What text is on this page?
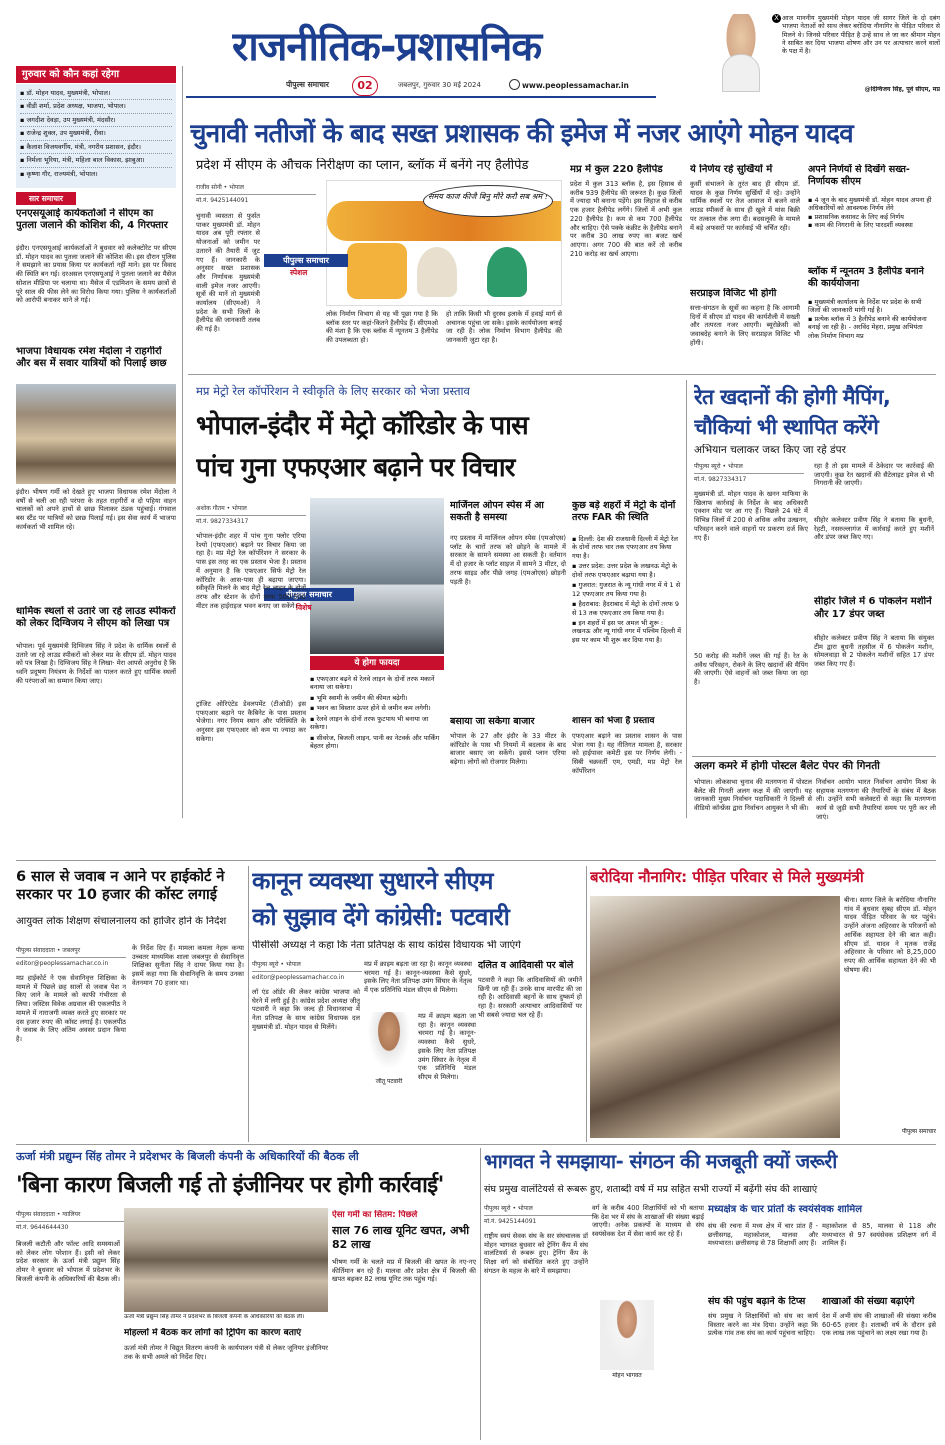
राजनीतिक-प्रशासनिक
पीपुल्स समाचार	02	जबलपुर, गुरुवार 30 मई 2024	www.peoplessamachar.in
X आज माननीय मुख्यमंत्री मोहन यादव जी सागर जिले के दो दबंग भाजपा नेताओं को साथ लेकर बरोदिया नौनागिर के पीड़ित परिवार से मिलने थे। जिनसे परिवार पीड़ित है उन्हें साथ ले जा कर श्रीमान मोहन ने साबित कर दिया भाजपा शोषण और उन पर अत्याचार करने वालों के पक्ष में है।
@दिग्विजय सिंह, पूर्व सीएम, मप्र
गुरुवार को कौन कहां रहेगा
▪ डॉ. मोहन यादव, मुख्यमंत्री, भोपाल।
▪ वीडी शर्मा, प्रदेश अध्यक्ष, भाजपा, भोपाल।
▪ जगदीश देवड़ा, उप मुख्यमंत्री, मंदसौर।
▪ राजेन्द्र शुक्ल, उप मुख्यमंत्री, रीवा।
▪ कैलाश विजयवर्गीय, मंत्री, नगरीय प्रशासन, इंदौर।
▪ निर्मला भूरिया, मंत्री, महिला बाल विकास, झाबुआ।
▪ कृष्णा गौर, राज्यमंत्री, भोपाल।
सार समाचार
एनएसयूआई कार्यकर्ताओं ने सीएम का पुतला जलाने की कोशिश की, 4 गिरफ्तार
इंदौर। एनएसयूआई कार्यकर्ताओं ने बुधवार को कलेक्टोरेट पर सीएम डॉ. मोहन यादव का पुतला जलाने की कोशिश की। इस दौरान पुलिस ने समझाने का प्रयास किया पर कार्यकर्ता नहीं माने। इस पर विवाद की स्थिति बन गई। दरअसल एनएसयूआई ने पुतला जलाने का मैसेज सोशल मीडिया पर चलाया था। मैसेज में एडमिशन के समय छात्रों से पूरे साल की फीस लेने का विरोध किया गया। पुलिस ने कार्यकर्ताओं को आरोपी बनाकर थाने ले गई।
भाजपा विधायक रमेश मेंदोला ने राहगीरों और बस में सवार यात्रियों को पिलाई छाछ
इंदौर। भीषण गर्मी को देखते हुए भाजपा विधायक रमेश मेंदोला ने वर्षों से चली आ रही परंपरा के तहत राहगीरों व दो पहिया वाहन चालकों को अपने हाथों से छाछ पिलाकर ठंडक पहुंचाई। गंगवाल बस स्टैंड पर यात्रियों को छाछ पिलाई गई। इस सेवा कार्य में भाजपा कार्यकर्ता भी शामिल रहे।
धार्मिक स्थलों से उतारे जा रहे लाउड स्पीकरों को लेकर दिग्विजय ने सीएम को लिखा पत्र
भोपाल। पूर्व मुख्यमंत्री दिग्विजय सिंह ने प्रदेश के धार्मिक स्थलों से उतारे जा रहे लाउड स्पीकरों को लेकर मप्र के सीएम डॉ. मोहन यादव को पत्र लिखा है। दिग्विजय सिंह ने लिखा- मेरा आपसे अनुरोध है कि ध्वनि प्रदूषण नियंत्रण के निर्देशों का पालन करते हुए धार्मिक स्थलों की परंपराओं का सम्मान किया जाए।
चुनावी नतीजों के बाद सख्त प्रशासक की इमेज में नजर आएंगे मोहन यादव
प्रदेश में सीएम के औचक निरीक्षण का प्लान, ब्लॉक में बनेंगे नए हैलीपेड
राजीव सोनी • भोपाल
मो.नं. 9425144091	समय काज कीजै बिनु मौरे करौ सब श्रम !
पीपुल्स समाचार
स्पेशल
चुनावी व्यस्तता से फुर्सत पाकर मुख्यमंत्री डॉ. मोहन यादव अब पूरी रफ्तार से योजनाओं को जमीन पर उतारने की तैयारी में जुट गए हैं। जानकारी के अनुसार सख्त प्रशासक और निर्णायक मुख्यमंत्री वाली इमेज नजर आएगी। सूत्रों की मानें तो मुख्यमंत्री कार्यालय (सीएमओ) ने प्रदेश के सभी जिलों के हैलीपेड की जानकारी तलब की गई है।
लोक निर्माण विभाग से यह भी पूछा गया है कि ब्लॉक स्तर पर कहां-कितने हैलीपेड हैं। सीएमओ की मंशा है कि एक ब्लॉक में न्यूनतम 3 हैलीपेड की उपलब्धता हो।
हो ताकि किसी भी दुरस्थ इलाके में हवाई मार्ग से अचानक पहुंचा जा सके। इसके कार्ययोजना बनाई जा रही है। लोक निर्माण विभाग हैलीपेड की जानकारी जुटा रहा है।
मप्र में कुल 220 हैलीपेड
प्रदेश में कुल 313 ब्लॉक है, इस हिसाब से करीब 939 हैलीपेड की जरूरत है। कुछ जिलों में ज्यादा भी बनाना पड़ेंगे। इस लिहाज से करीब एक हजार हैलीपेड लगेंगे। जिलों में अभी कुल 220 हैलीपेड है। कम से कम 700 हैलीपेड और चाहिए। ऐसे पक्के कंक्रीट के हैलीपेड बनाने पर करीब 30 लाख रुपए का बजट खर्च आएगा। अगर 700 की बात करें तो करीब 210 करोड़ का खर्च आएगा।
ये निर्णय रहे सुर्खियों में
कुर्सी संभालने के तुरंत बाद ही सीएम डॉ. यादव के कुछ निर्णय सुर्खियों में रहे। उन्होंने धार्मिक स्थलों पर तेज आवाज में बजने वाले लाउड स्पीकरों के साथ ही खुले में मांस बिक्री पर तत्काल रोक लगा दी। बदसलूकी के मामले में बड़े अफसरों पर कार्रवाई भी चर्चित रही।
सरप्राइज विजिट भी होगी
सत्ता-संगठन के सूत्रों का कहना है कि आगामी दिनों में सीएम डॉ यादव की कार्यशैली में सख्ती और तत्परता नजर आएगी। ब्यूरोक्रेसी को जवाबदेह बनाने के लिए सरप्राइज विजिट भी होंगी।
अपने निर्णयों से दिखेंगे सख्त-निर्णायक सीएम
▪ 4 जून के बाद मुख्यमंत्री डॉ. मोहन यादव अपना ही अधिकारियों को आवश्यक निर्णय लेंगे
▪ प्रशासनिक कसावट के लिए कई निर्णय
▪ काम की निगरानी के लिए पारदर्शी व्यवस्था
ब्लॉक में न्यूनतम 3 हैलीपेड बनाने की कार्ययोजना
▪ मुख्यमंत्री कार्यालय के निर्देश पर प्रदेश के सभी जिलों की जानकारी मांगी गई है।
▪ प्रत्येक ब्लॉक में 3 हैलीपेड बनाने की कार्ययोजना बनाई जा रही है। - अरविंद मेहरा, प्रमुख अभियंता लोक निर्माण विभाग मप्र
मप्र मेट्रो रेल कॉर्पोरेशन ने स्वीकृति के लिए सरकार को भेजा प्रस्ताव
भोपाल-इंदौर में मेट्रो कॉरिडोर के पास
पांच गुना एफएआर बढ़ाने पर विचार
अशोक गौतम • भोपाल
मो.नं. 9827334317
पीपुल्स समाचार
विशेष
भोपाल-इंदौर शहर में पांच गुना फ्लोर एरिया रेश्यो (एफएआर) बढ़ाने पर विचार किया जा रहा है। मप्र मेट्रो रेल कॉर्पोरेशन ने सरकार के पास इस तरह का एक प्रस्ताव भेजा है। प्रस्ताव में अनुमान है कि एफएआर सिर्फ मेट्रो रेल कॉरिडोर के आस-पास ही बढ़ाया जाएगा। स्वीकृति मिलने के बाद मेट्रो रेल लाइन के दोनों तरफ और स्टेशन के दोनों तरफ 500-500 मीटर तक हाईराइज भवन बनाए जा सकेंगे।
ट्रांजिट ओरिएंटेड डेवलपमेंट (टीओडी) इस एफएआर बढ़ाने पर कैबिनेट के पास प्रस्ताव भेजेगा। नगर निगम स्थान और परिस्थिति के अनुसार इस एफएआर को कम या ज्यादा कर सकेगा।
ये होगा फायदा
▪ एफएआर बढ़ने से रेलवे लाइन के दोनों तरफ मकानें बनाया जा सकेगा।
▪ भूमि स्वामी के जमीन की कीमत बढ़ेगी।
▪ भवन का विस्तार ऊपर होने से जमीन कम लगेगी।
▪ रेलवे लाइन के दोनों तरफ फुटपाथ भी बनाया जा सकेगा।
▪ सीवरेज, बिजली लाइन, पानी का नेटवर्क और पार्किंग बेहतर होगा।
मार्जिनल ओपन स्पेस में आ सकती है समस्या
नए प्रस्ताव में मार्जिनल ओपन स्पेस (एमओएस) प्लॉट के चारों तरफ को छोड़ने के मामले में सरकार के सामने समस्या आ सकती है। वर्तमान में दो हजार के प्लॉट साइज में सामने 3 मीटर, दो तरफ साइड और पीछे जगह (एमओएस) छोड़नी पड़ती है।
बसाया जा सकेगा बाजार
भोपाल के 27 और इंदौर के 33 मीटर के कॉरिडोर के पास भी नियमों में बदलाव के बाद बाजार बसाए जा सकेंगे। इससे प्लान एरिया बढ़ेगा। लोगों को रोजगार मिलेगा।
कुछ बड़े शहरों में मेट्रो के दोनों तरफ FAR की स्थिति
▪ दिल्ली: देश की राजधानी दिल्ली में मेट्रो रेल के दोनों तरफ चार तक एफएआर तय किया गया है।
▪ उत्तर प्रदेश: उत्तर प्रदेश के लखनऊ मेट्रो के दोनों तरफ एफएआर बढ़ाया गया है।
▪ गुजरात: गुजरात के न्यू गांधी नगर में ये 1 से 12 एफएआर तय किया गया है।
▪ हैदराबाद: हैदराबाद में मेट्रो के दोनों तरफ 9 से 13 तक एफएआर तय किया गया है।
▪ इन शहरों में इस पर अमल भी शुरू : लखनऊ और न्यू गांधी नगर में पश्चिम दिल्ली में इस पर काम भी शुरू कर दिया गया है।
शासन को भेजा है प्रस्ताव
एफएआर बढ़ाने का प्रस्ताव शासन के पास भेजा गया है। यह नीतिगत मामला है, सरकार को हाईपावर कमेटी इस पर निर्णय लेगी। - सिबी चक्रवर्ती एम, एमडी, मप्र मेट्रो रेल कॉर्पोरेशन
रेत खदानों की होगी मैपिंग,
चौकियां भी स्थापित करेंगे
अभियान चलाकर जब्त किए जा रहे डंपर
पीपुल्स ब्यूरो • भोपाल
मो.नं. 9827334317
रहा है तो इस मामले में ठेकेदार पर कार्रवाई की जाएगी। कुछ रेत खदानों की सैटेलाइट इमेज से भी निगरानी की जाएगी।
मुख्यमंत्री डॉ. मोहन यादव के खनन माफिया के खिलाफ कार्रवाई के निर्देश के बाद अधिकारी एक्शन मोड पर आ गए हैं। पिछले 24 घंटे में विभिन्न जिलों में 200 से अधिक अवैध उत्खनन, परिवहन करने वाले वाहनों पर प्रकरण दर्ज किए गए हैं।
50 करोड़ की मशीनें जब्त की गई हैं। रेत के अवैध परिवहन, रोकने के लिए खदानों की मैपिंग की जाएगी। ऐसे वाहनों को जब्त किया जा रहा है।
सीहोर कलेक्टर प्रवीण सिंह ने बताया कि बुधनी, रेहटी, नसरुल्लागंज में कार्रवाई करते हुए मशीनें और डंपर जब्त किए गए।
सीहोर जिले में 6 पोकलेन मशीनें और 17 डंपर जब्त
सीहोर कलेक्टर प्रवीण सिंह ने बताया कि संयुक्त टीम द्वारा बुधनी तहसील में 6 पोकलेन मशीन, सोमलवाड़ा से 2 पोकलेन मशीनों सहित 17 डंपर जब्त किए गए हैं।
अलग कमरे में होगी पोस्टल बैलेट पेपर की गिनती
भोपाल। लोकसभा चुनाव की मतगणना में पोस्टल बैलेट की गिनती अलग कक्ष में की जाएगी। यह जानकारी मुख्य निर्वाचन पदाधिकारी ने दिल्ली से वीडियो कॉन्फ्रेंस द्वारा निर्वाचन आयुक्त ने भी की।
निर्वाचन आयोग भारत निर्वाचन आयोग मिश्रा के सहायक मतगणना की तैयारियों के संबंध में बैठक ली। उन्होंने सभी कलेक्टरों से कहा कि मतगणना कार्य से जुड़ी सभी तैयारियां समय पर पूरी कर ली जाएं।
6 साल से जवाब न आने पर हाईकोर्ट ने सरकार पर 10 हजार की कॉस्ट लगाई
आयुक्त लोक शिक्षण संचालनालय को हाजिर होने के निर्देश
पीपुल्स संवाददाता • जबलपुर
editor@peoplessamachar.co.in
मप्र हाईकोर्ट ने एक सेवानिवृत्त शिक्षिका के मामले में पिछले छह सालों से जवाब पेश न किए जाने के मामले को काफी गंभीरता से लिया। जस्टिस विवेक अग्रवाल की एकलपीठ ने मामले में नाराजगी व्यक्त करते हुए सरकार पर दस हजार रुपए की कॉस्ट लगाई है। एकलपीठ ने जवाब के लिए अंतिम अवसर प्रदान किया है।
के निर्देश दिए हैं। मामला कमला नेहरू कन्या उच्चतर माध्यमिक शाला जबलपुर से सेवानिवृत्त शिक्षिका सुनीता सिंह ने दायर किया गया है। इसमें कहा गया कि सेवानिवृत्ति के समय उनका वेतनमान 70 हजार था।
कानून व्यवस्था सुधारने सीएम
को सुझाव देंगे कांग्रेसी: पटवारी
पीसीसी अध्यक्ष ने कहा कि नेता प्रतिपक्ष के साथ कांग्रेस विधायक भी जाएंगे
पीपुल्स ब्यूरो • भोपाल
editor@peoplessamachar.co.in
लॉ एंड ऑर्डर की लेकर कांग्रेस भाजपा को घेरने में लगी हुई है। कांग्रेस प्रदेश अध्यक्ष जीतू पटवारी ने कहा कि जल्द ही विधानसभा में नेता प्रतिपक्ष के साथ कांग्रेस विधायक दल मुख्यमंत्री डॉ. मोहन यादव से मिलेंगे।
मप्र में क्राइम बढ़ता जा रहा है। कानून व्यवस्था चरमरा गई है। कानून-व्यवस्था कैसे सुधरे, इसके लिए नेता प्रतिपक्ष उमंग सिंघार के नेतृत्व में एक प्रतिनिधि मंडल सीएम से मिलेगा।
जीतू पटवारी
मप्र में क्राइम बढ़ता जा रहा है। कानून व्यवस्था चरमरा गई है। कानून-व्यवस्था कैसे सुधरे, इसके लिए नेता प्रतिपक्ष उमंग सिंघार के नेतृत्व में एक प्रतिनिधि मंडल सीएम से मिलेगा।
दलित व आदिवासी पर बोले
पटवारी ने कहा कि आदिवासियों की जमीनें छिनी जा रही हैं। उनके साथ मारपीट की जा रही है। आदिवासी बहनों के साथ दुष्कर्म हो रहा है। सरकारी अत्याचार आदिवासियों पर भी सबसे ज्यादा चल रहे हैं।
बरोदिया नौनागिर: पीड़ित परिवार से मिले मुख्यमंत्री
बीना। सागर जिले के बरोदिया नौनागिर गांव में बुधवार सुबह सीएम डॉ. मोहन यादव पीड़ित परिवार के घर पहुंचे। उन्होंने अंजना अहिरवार के परिजनों को आर्थिक सहायता देने की बात कही। सीएम डॉ. यादव ने मृतक राजेंद्र अहिरवार के परिवार को 8,25,000 रुपए की आर्थिक सहायता देने की भी घोषणा की।
पीपुल्स समाचार
ऊर्जा मंत्री प्रद्युम्न सिंह तोमर ने प्रदेशभर के बिजली कंपनी के अधिकारियों की बैठक ली
'बिना कारण बिजली गई तो इंजीनियर पर होगी कार्रवाई'
पीपुल्स संवाददाता • ग्वालियर
मो.नं. 9644644430
बिजली कटौती और फॉल्ट आदि समस्याओं को लेकर लोग परेशान हैं। इसी को लेकर प्रदेश सरकार के ऊर्जा मंत्री प्रद्युम्न सिंह तोमर ने बुधवार को भोपाल में प्रदेशभर के बिजली कंपनी के अधिकारियों की बैठक ली।
ऊर्जा मंत्री प्रद्युम्न सिंह तोमर ने प्रदेशभर के बिजली कंपनी के अधिकारियों की बैठक ली।
मोहल्लों में बैठक कर लोगों को ट्रिपिंग का कारण बताएं
ऊर्जा मंत्री तोमर ने विद्युत वितरण कंपनी के कार्यपालन यंत्री से लेकर जूनियर इंजीनियर तक के सभी अमले को निर्देश दिए।
ऐसा गर्मी का सितम: पिछले
साल 76 लाख यूनिट खपत, अभी 82 लाख
भीषण गर्मी के चलते मप्र में बिजली की खपत के नए-नए कीर्तिमान बन रहे हैं। मालवा और प्रदेश क्षेत्र में बिजली की खपत बढ़कर 82 लाख यूनिट तक पहुंच गई।
भागवत ने समझाया- संगठन की मजबूती क्यों जरूरी
संघ प्रमुख वालंटियर्स से रूबरू हुए, शताब्दी वर्ष में मप्र सहित सभी राज्यों में बढ़ेंगी संघ की शाखाएं
पीपुल्स ब्यूरो • भोपाल
मो.नं. 9425144091
राष्ट्रीय स्वयं सेवक संघ के सर संघचालक डॉ मोहन भागवत बुधवार को ट्रेनिंग कैंप में संघ वालंटियर्स से रूबरू हुए। ट्रेनिंग कैंप के शिक्षा वर्ग को संबोधित करते हुए उन्होंने संगठन के महत्व के बारे में समझाया।
वर्ग के करीब 400 शिक्षार्थियों को भी बताया कि देश भर में संघ के शाखाओं की संख्या बढ़ाई जाएगी। अनेक प्रकल्पों के माध्यम से संघ स्वयंसेवक देश में सेवा कार्य कर रहे हैं।
मोहन भागवत
मध्यक्षेत्र के चार प्रांतों के स्वयंसेवक शामिल
संघ की रचना में मध्य क्षेत्र में चार प्रांत हैं - छत्तीसगढ़, महाकोशल, मालवा और मध्यभारत। छत्तीसगढ़ से 78 शिक्षार्थी आए हैं।
महाकोशल से 85, मालवा से 118 और मध्यभारत से 97 स्वयंसेवक प्रशिक्षण वर्ग में शामिल हैं।
संघ की पहुंच बढ़ाने के टिप्स
संघ प्रमुख ने शिक्षार्थियों को संघ का कार्य विस्तार करने का मंत्र दिया। उन्होंने कहा कि प्रत्येक गांव तक संघ का कार्य पहुंचना चाहिए।
शाखाओं की संख्या बढ़ाएंगे
देश में अभी संघ की शाखाओं की संख्या करीब 60-65 हजार है। शताब्दी वर्ष के दौरान इसे एक लाख तक पहुंचाने का लक्ष्य रखा गया है।
